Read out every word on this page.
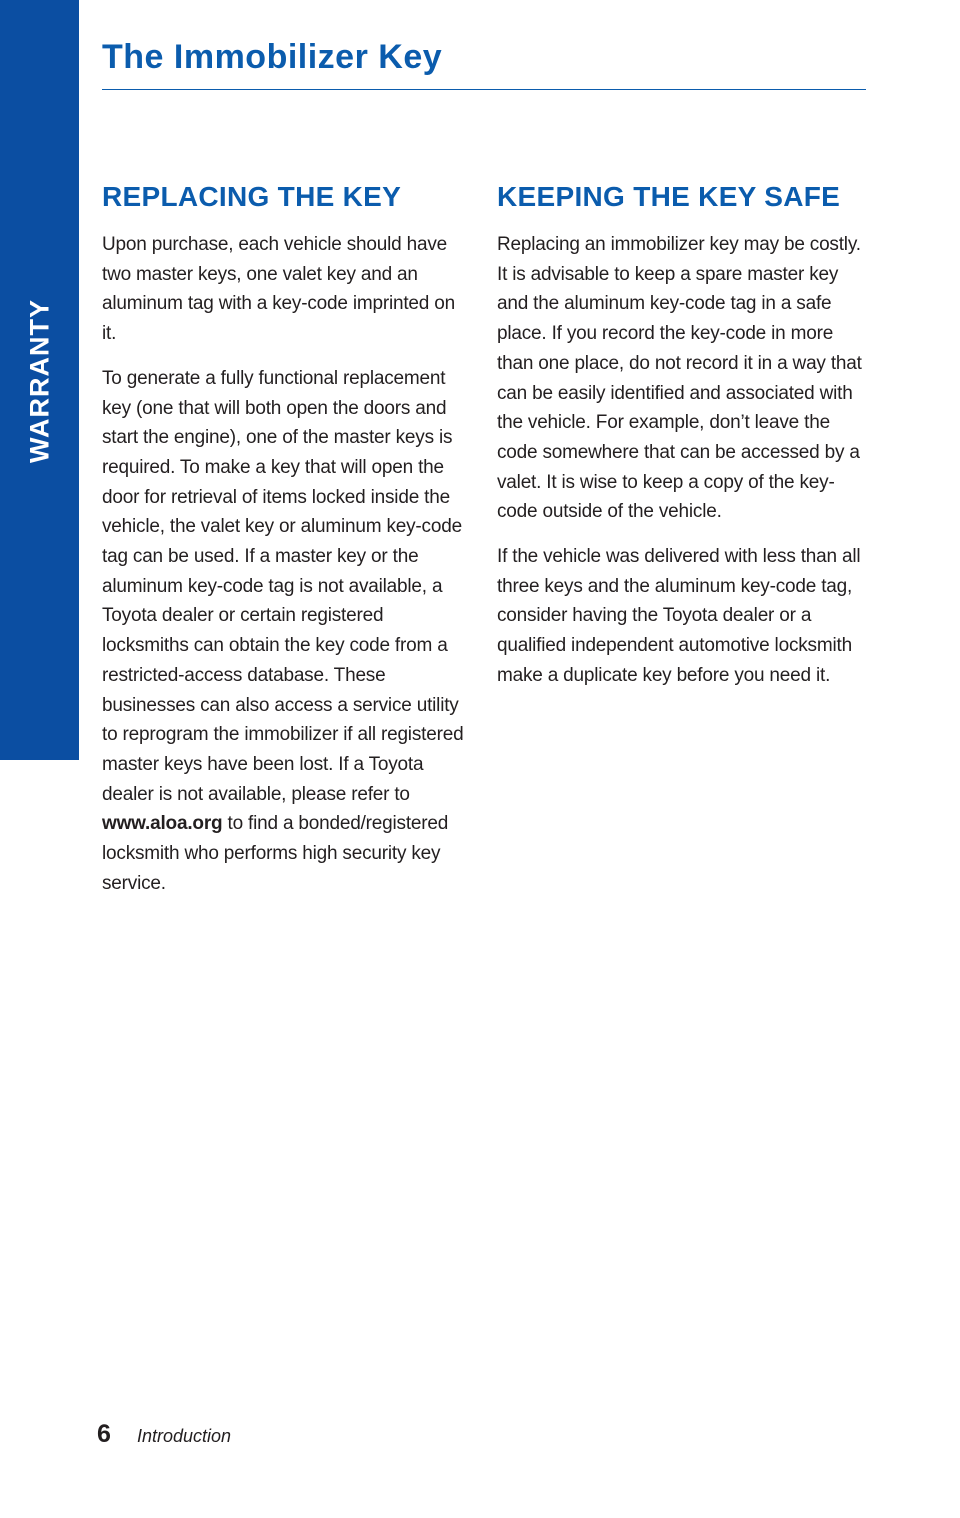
WARRANTY
The Immobilizer Key
REPLACING THE KEY

Upon purchase, each vehicle should have two master keys, one valet key and an aluminum tag with a key-code imprinted on it.

To generate a fully functional replacement key (one that will both open the doors and start the engine), one of the master keys is required. To make a key that will open the door for retrieval of items locked inside the vehicle, the valet key or aluminum key-code tag can be used. If a master key or the aluminum key-code tag is not available, a Toyota dealer or certain registered locksmiths can obtain the key code from a restricted-access database. These businesses can also access a service utility to reprogram the immobilizer if all registered master keys have been lost. If a Toyota dealer is not available, please refer to www.aloa.org to find a bonded/registered locksmith who performs high security key service.

KEEPING THE KEY SAFE

Replacing an immobilizer key may be costly. It is advisable to keep a spare master key and the aluminum key-code tag in a safe place. If you record the key-code in more than one place, do not record it in a way that can be easily identified and associated with the vehicle. For example, don’t leave the code somewhere that can be accessed by a valet. It is wise to keep a copy of the key-code outside of the vehicle.

If the vehicle was delivered with less than all three keys and the aluminum key-code tag, consider having the Toyota dealer or a qualified independent automotive locksmith make a duplicate key before you need it.

6 Introduction
